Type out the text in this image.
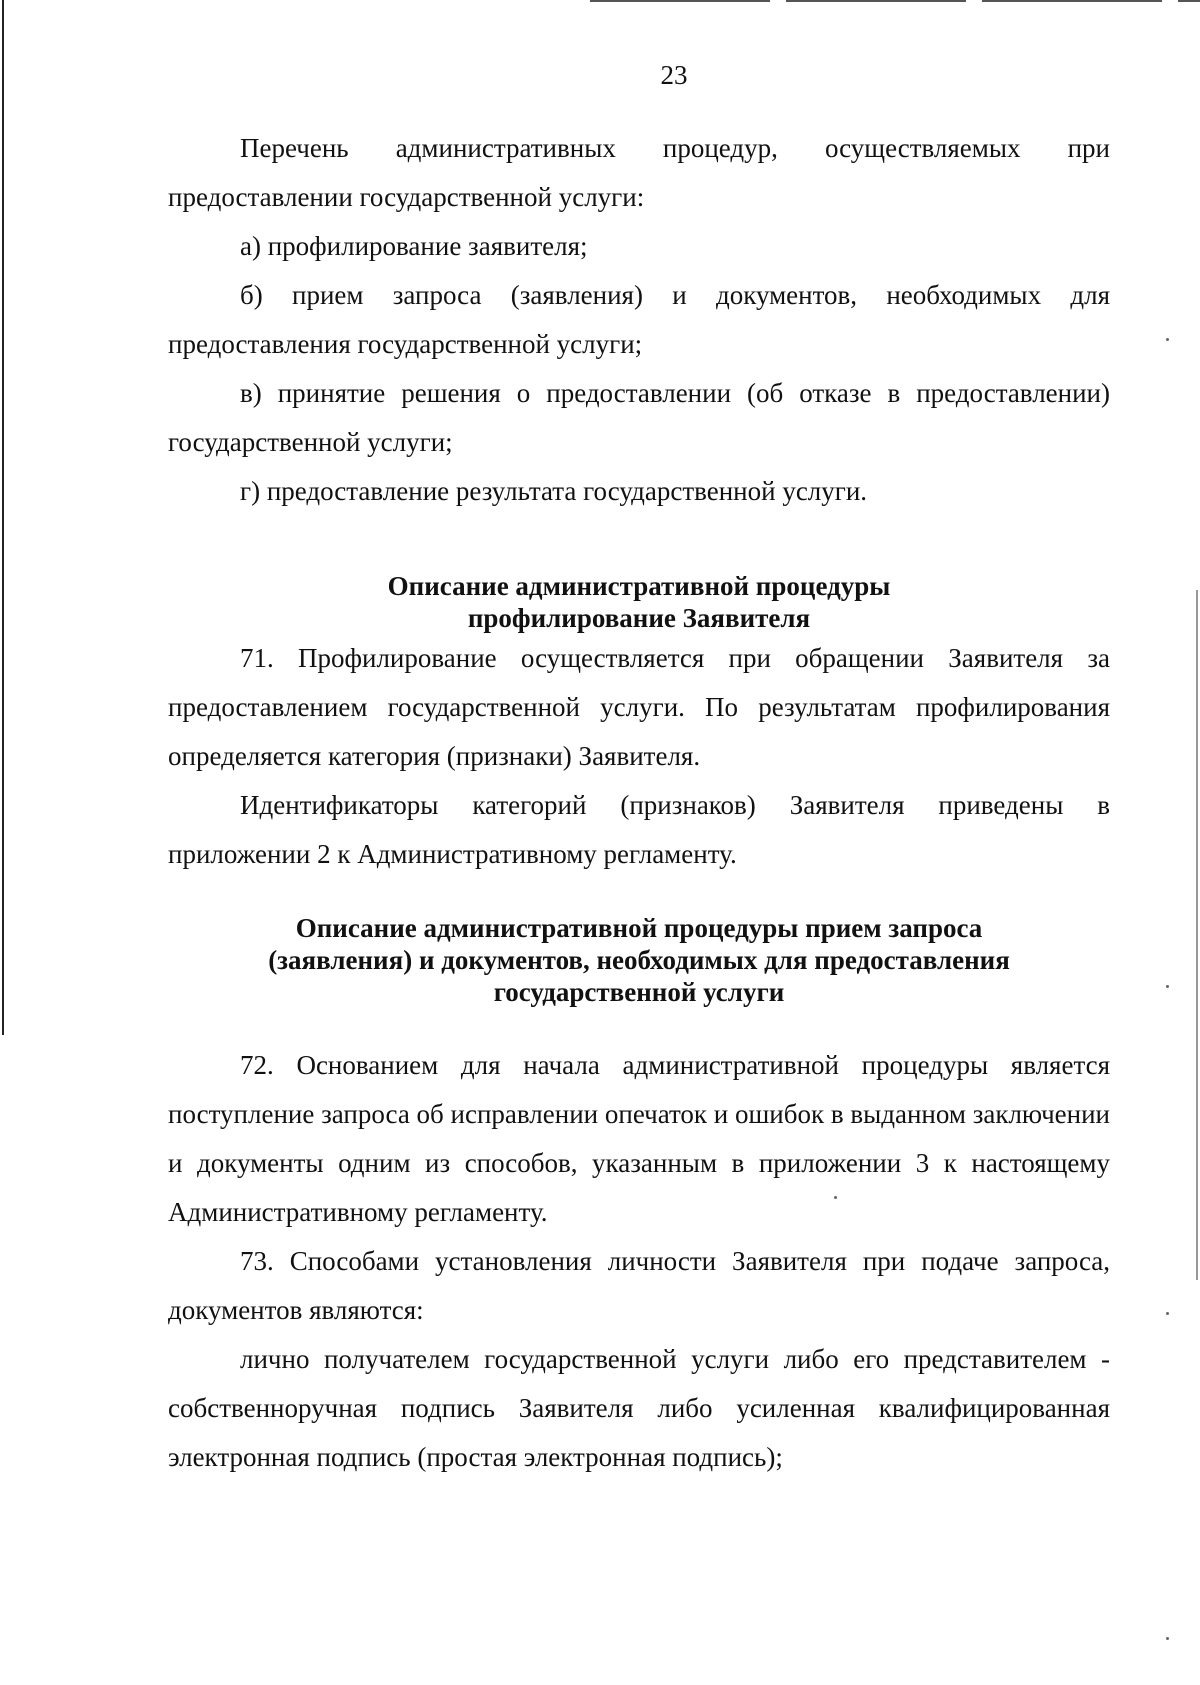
23

Перечень административных процедур, осуществляемых при предоставлении государственной услуги:

а) профилирование заявителя;

б) прием запроса (заявления) и документов, необходимых для предоставления государственной услуги;

в) принятие решения о предоставлении (об отказе в предоставлении) государственной услуги;

г) предоставление результата государственной услуги.

Описание административной процедуры

профилирование Заявителя

71. Профилирование осуществляется при обращении Заявителя за предоставлением государственной услуги. По результатам профилирования определяется категория (признаки) Заявителя.

Идентификаторы категорий (признаков) Заявителя приведены в приложении 2 к Административному регламенту.

Описание административной процедуры прием запроса

(заявления) и документов, необходимых для предоставления

государственной услуги

72. Основанием для начала административной процедуры является поступление запроса об исправлении опечаток и ошибок в выданном заключении и документы одним из способов, указанным в приложении 3 к настоящему Административному регламенту.

73. Способами установления личности Заявителя при подаче запроса, документов являются:

лично получателем государственной услуги либо его представителем - собственноручная подпись Заявителя либо усиленная квалифицированная электронная подпись (простая электронная подпись);
